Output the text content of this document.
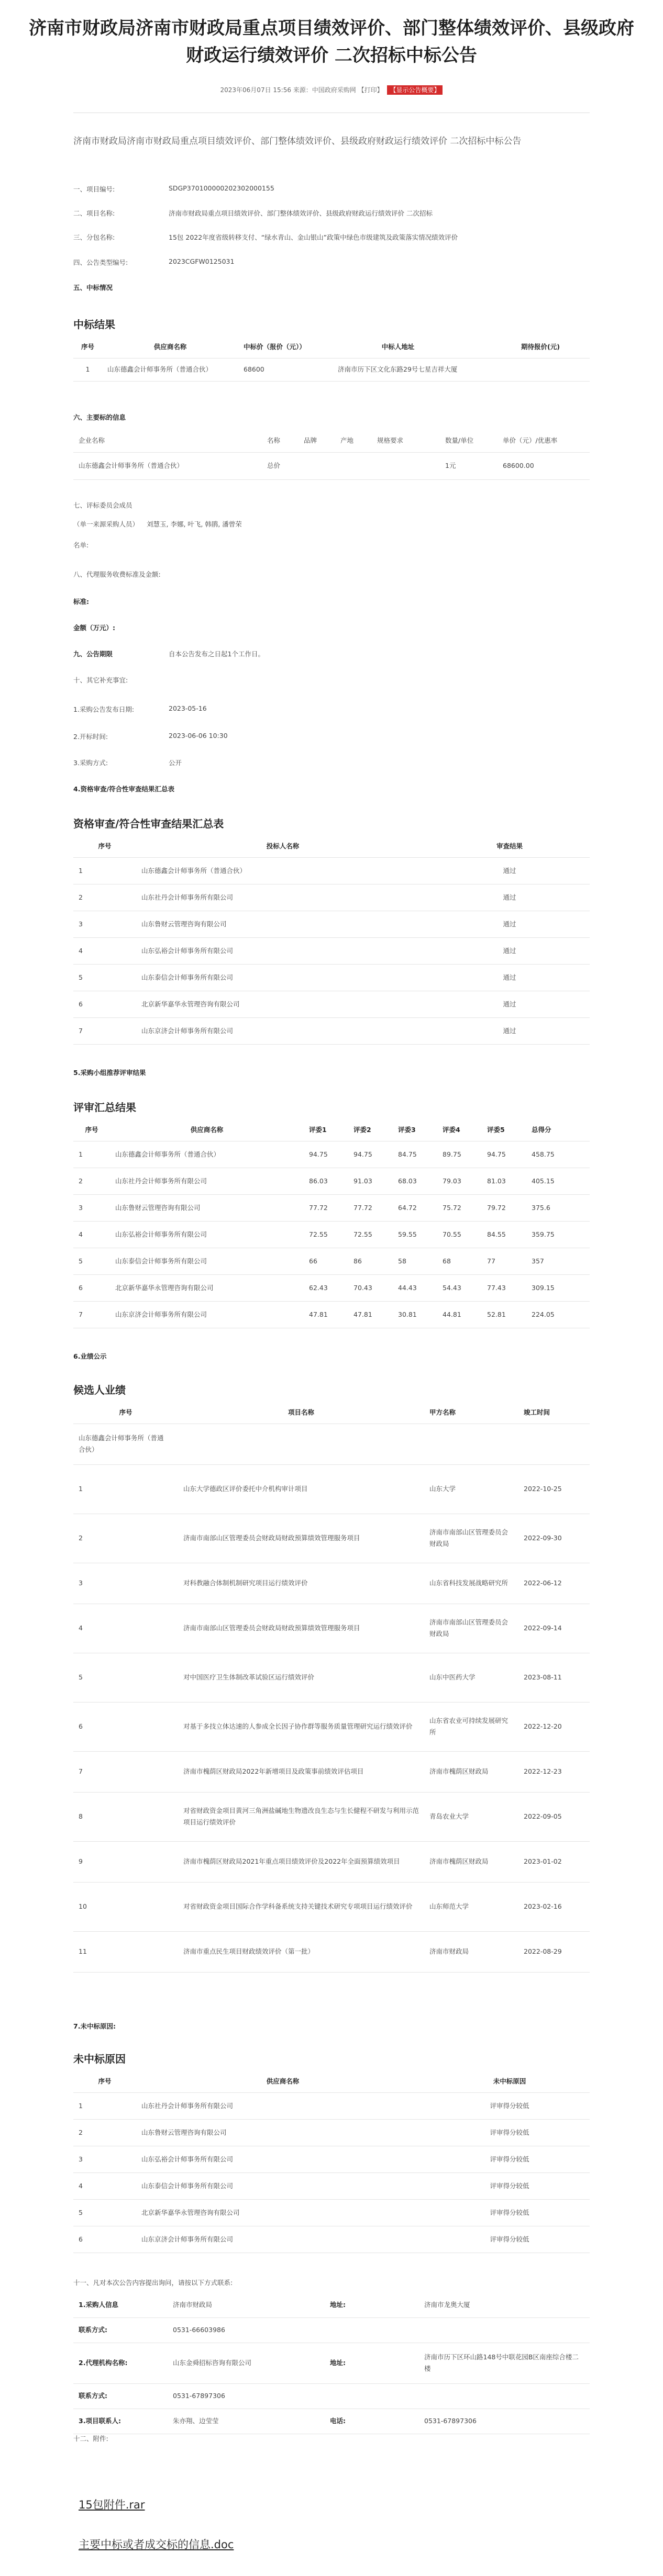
济南市财政局济南市财政局重点项目绩效评价、部门整体绩效评价、县级政府财政运行绩效评价 二次招标中标公告
2023年06月07日 15:56 来源：中国政府采购网 【打印】 【显示公告概要】
济南市财政局济南市财政局重点项目绩效评价、部门整体绩效评价、县级政府财政运行绩效评价 二次招标中标公告
一、项目编号:	SDGP370100000202302000155
二、项目名称:	济南市财政局重点项目绩效评价、部门整体绩效评价、县级政府财政运行绩效评价 二次招标
三、分包名称:	15包 2022年度省级转移支付、“绿水青山、金山银山”政策中绿色市级建筑及政策落实情况绩效评价
四、公告类型编号:	2023CGFW0125031
五、中标情况
中标结果
序号	供应商名称	中标价（报价（元））	中标人地址		期待报价(元)
1	山东德鑫会计师事务所（普通合伙）	68600	济南市历下区文化东路29号七星吉祥大厦		
六、主要标的信息
企业名称	名称	品牌	产地	规格要求	数量/单位	单价（元）/优惠率
山东德鑫会计师事务所（普通合伙）	总价				1元	68600.00
七、评标委员会成员
（单一来源采购人员） 刘慧玉, 李娜, 叶飞, 韩鹃, 潘曾荣
名单:
八、代理服务收费标准及金额:
标准:
金额（万元）:
九、公告期限	自本公告发布之日起1个工作日。
十、其它补充事宜:
1.采购公告发布日期:	2023-05-16
2.开标时间:	2023-06-06 10:30
3.采购方式:	公开
4.资格审查/符合性审查结果汇总表
资格审查/符合性审查结果汇总表
序号	投标人名称	审查结果
1	山东德鑫会计师事务所（普通合伙）	通过
2	山东社丹会计师事务所有限公司	通过
3	山东鲁财云管理咨询有限公司	通过
4	山东弘裕会计师事务所有限公司	通过
5	山东泰信会计师事务所有限公司	通过
6	北京新华嘉华永管理咨询有限公司	通过
7	山东京济会计师事务所有限公司	通过
5.采购小组推荐评审结果
评审汇总结果
序号	供应商名称	评委1	评委2	评委3	评委4	评委5	总得分
1	山东德鑫会计师事务所（普通合伙）	94.75	94.75	84.75	89.75	94.75	458.75
2	山东社丹会计师事务所有限公司	86.03	91.03	68.03	79.03	81.03	405.15
3	山东鲁财云管理咨询有限公司	77.72	77.72	64.72	75.72	79.72	375.6
4	山东弘裕会计师事务所有限公司	72.55	72.55	59.55	70.55	84.55	359.75
5	山东泰信会计师事务所有限公司	66	86	58	68	77	357
6	北京新华嘉华永管理咨询有限公司	62.43	70.43	44.43	54.43	77.43	309.15
7	山东京济会计师事务所有限公司	47.81	47.81	30.81	44.81	52.81	224.05
6.业绩公示
候选人业绩
序号	项目名称	甲方名称	竣工时间

山东德鑫会计师事务所（普通合伙）			

1	山东大学德政区评价委托中介机构审计项目	山东大学	2022-10-25
2	济南市南部山区管理委员会财政局财政预算绩效管理服务项目	济南市南部山区管理委员会财政局	2022-09-30
3	对科教融合体制机制研究项目运行绩效评价	山东省科技发展战略研究所	2022-06-12
4	济南市南部山区管理委员会财政局财政预算绩效管理服务项目	济南市南部山区管理委员会财政局	2022-09-14
5	对中国医疗卫生体制改革试验区运行绩效评价	山东中医药大学	2023-08-11
6	对基于多技立体达速的人参成全长因子协作群等服务质量管理研究运行绩效评价	山东省农业可持续发展研究所	2022-12-20
7	济南市槐荫区财政局2022年新增项目及政策事前绩效评估项目	济南市槐荫区财政局	2022-12-23
8	对省财政资金项目黄河三角洲盐碱地生物遗改良生态与生长健程不研发与利用示范项目运行绩效评价	青岛农业大学	2022-09-05
9	济南市槐荫区财政局2021年重点项目绩效评价及2022年全面预算绩效项目	济南市槐荫区财政局	2023-01-02
10	对省财政资金项目国际合作学科备系统支持关键技术研究专项项目运行绩效评价	山东师范大学	2023-02-16
11	济南市重点民生项目财政绩效评价（第一批）	济南市财政局	2022-08-29
7.未中标原因:
未中标原因
序号	供应商名称	未中标原因
1	山东社丹会计师事务所有限公司	评审得分较低
2	山东鲁财云管理咨询有限公司	评审得分较低
3	山东弘裕会计师事务所有限公司	评审得分较低
4	山东泰信会计师事务所有限公司	评审得分较低
5	北京新华嘉华永管理咨询有限公司	评审得分较低
6	山东京济会计师事务所有限公司	评审得分较低
十一、凡对本次公告内容提出询问，请按以下方式联系:
1.采购人信息	济南市财政局	地址:	济南市龙奥大厦
联系方式:	0531-66603986		
2.代理机构名称:	山东金舜招标咨询有限公司	地址:	济南市历下区环山路148号中联花园B区南座综合楼二楼
联系方式:	0531-67897306		
3.项目联系人:	朱亦翔、边莹莹	电话:	0531-67897306
十二、附件:
15包附件.rar
主要中标或者成交标的信息.doc
